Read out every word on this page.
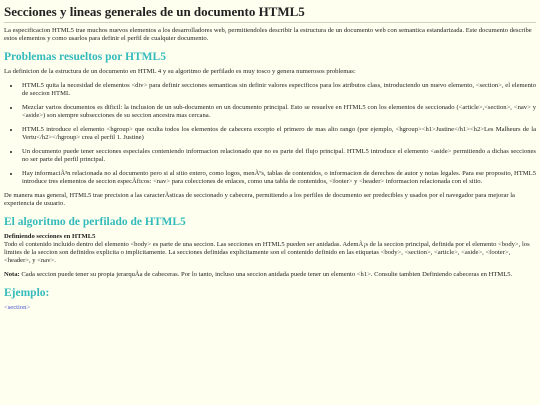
Secciones y lineas generales de un documento HTML5

La especificacion HTML5 trae muchos nuevos elementos a los desarrolladores web, permitiendoles describir la estructura de un documento web con semantica estandarizada. Este documento describe estos elementos y como usarlos para definir el perfil de cualquier documento.

Problemas resueltos por HTML5

La definicion de la estructura de un documento en HTML 4 y su algoritmo de perfilado es muy tosco y genera numerosos problemas:

• HTML5 quita la necesidad de elementos <div> para definir secciones semanticas sin definir valores especificos para los atributos class, introduciendo un nuevo elemento, <section>, el elemento de seccion HTML
• Mezclar varios documentos es dificil: la inclusion de un sub-documento en un documento principal. Esto se resuelve en HTML5 con los elementos de seccionado (<article>,<section>, <nav> y <aside>) son siempre subsecciones de su seccion ancestra mas cercana.
• HTML5 introduce el elemento <hgroup> que oculta todos los elementos de cabecera excepto el primero de mas alto rango (por ejemplo, <hgroup><h1>Justine</h1><h2>Les Malheurs de la Vertu</h2></hgroup> crea el perfil 1. Justine)
• Un documento puede tener secciones especiales conteniendo informacion relacionado que no es parte del flujo principal. HTML5 introduce el elemento <aside> permitiendo a dichas secciones no ser parte del perfil principal.
• Hay informaciÃ³n relacionada no al documento pero si al sitio entero, como logos, menÃºs, tablas de contenidos, o informacion de derechos de autor y notas legales. Para ese proposito, HTML5 introduce tres elementos de seccion especÃficos: <nav> para colecciones de enlaces, como una tabla de contenidos, <footer> y <header> informacion relacionada con el sitio.

De manera mas general, HTML5 trae precision a las caracterÃsticas de seccionado y cabecera, permitiendo a los perfiles de documento ser predecibles y usados por el navegador para mejorar la experiencia de usuario.

El algoritmo de perfilado de HTML5

Definiendo secciones en HTML5
Todo el contenido incluido dentro del elemento <body> es parte de una seccion. Las secciones en HTML5 pueden ser anidadas. AdemÃ¡s de la seccion principal, definida por el elemento <body>, los limites de la seccion son definidos explicita o implicitamente. La secciones definidas explicitamente son el contenido definido en las etiquetas <body>, <section>, <article>, <aside>, <footer>, <header>, y <nav>.

Nota: Cada seccion puede tener su propia jerarquÃa de cabeceras. Por lo tanto, incluso una seccion anidada puede tener un elemento <h1>. Consulte tambien Definiendo cabeceras en HTML5.

Ejemplo:
<section>
